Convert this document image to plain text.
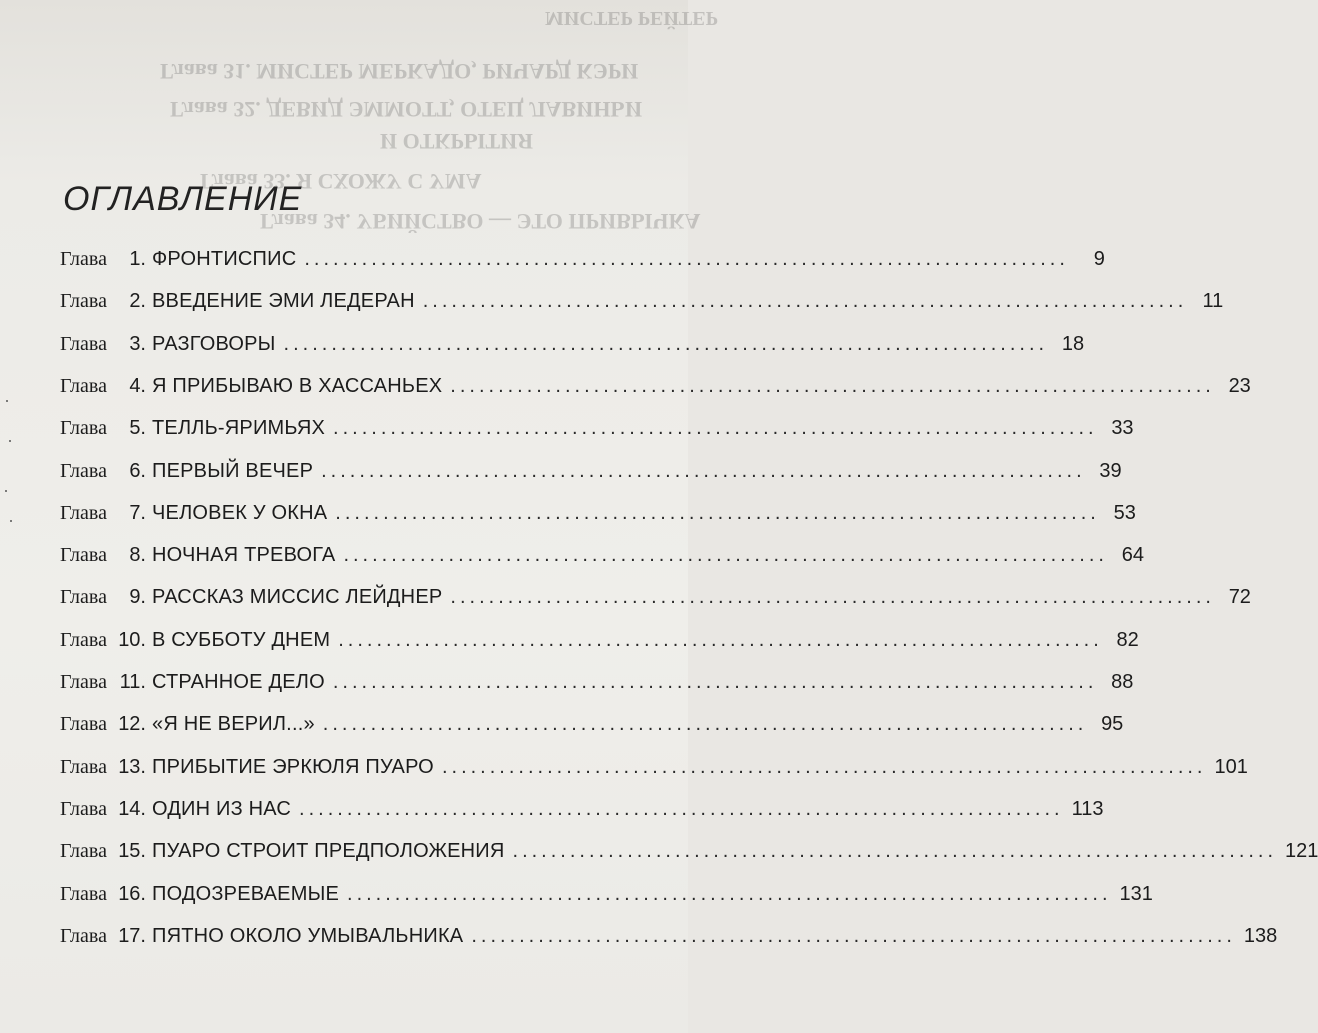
МИСТЕР РЕЙТЕР
Глава 31. МИСТЕР МЕРКАДО, РИЧАРД КЭРИ
Глава 32. ДЕВИД ЭММОТТ, ОТЕЦ ЛАВИНЬИ
И ОТКРЫТИЯ
Глава 33. Я СХОЖУ С УМА
Глава 34. УБИЙСТВО — ЭТО ПРИВЫЧКА
ОГЛАВЛЕНИЕ
Глава	1. ФРОНТИСПИС ................................................................................	9
Глава	2. ВВЕДЕНИЕ ЭМИ ЛЕДЕРАН ................................................................................ 11
Глава	3. РАЗГОВОРЫ ................................................................................ 18
Глава	4. Я ПРИБЫВАЮ В ХАССАНЬЕХ ................................................................................ 23
Глава	5. ТЕЛЛЬ-ЯРИМЬЯХ ................................................................................ 33
Глава	6. ПЕРВЫЙ ВЕЧЕР ................................................................................ 39
Глава	7. ЧЕЛОВЕК У ОКНА ................................................................................ 53
Глава	8. НОЧНАЯ ТРЕВОГА ................................................................................ 64
Глава	9. РАССКАЗ МИССИС ЛЕЙДНЕР ................................................................................ 72
Глава 10. В СУББОТУ ДНЕМ ................................................................................ 82
Глава 11. СТРАННОЕ ДЕЛО ................................................................................ 88
Глава 12. «Я НЕ ВЕРИЛ...» ................................................................................ 95
Глава 13. ПРИБЫТИЕ ЭРКЮЛЯ ПУАРО ................................................................................ 101
Глава 14. ОДИН ИЗ НАС ................................................................................ 113
Глава 15. ПУАРО СТРОИТ ПРЕДПОЛОЖЕНИЯ ................................................................................ 121
Глава 16. ПОДОЗРЕВАЕМЫЕ ................................................................................ 131
Глава 17. ПЯТНО ОКОЛО УМЫВАЛЬНИКА ................................................................................ 138
